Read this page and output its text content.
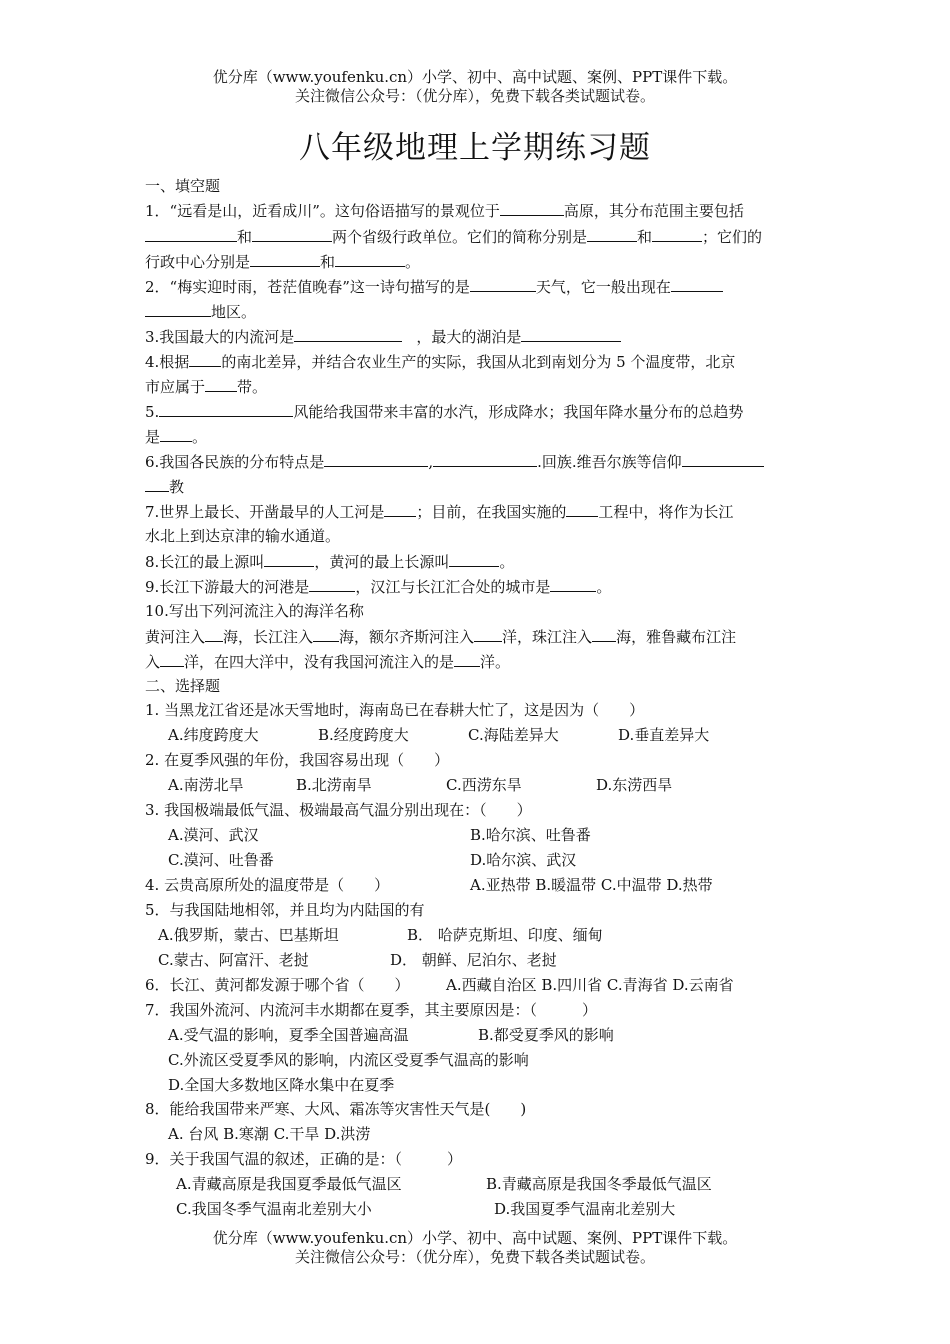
优分库（www.youfenku.cn）小学、初中、高中试题、案例、PPT课件下载。
关注微信公众号：（优分库），免费下载各类试题试卷。
八年级地理上学期练习题
一、填空题
1．“远看是山，近看成川”。这句俗语描写的景观位于	高原，其分布范围主要包括
和	两个省级行政单位。它们的简称分别是	和	；它们的
行政中心分别是	和	。
2．“梅实迎时雨，苍茫值晚春”这一诗句描写的是	天气，它一般出现在
地区。
3.我国最大的内流河是	，最大的湖泊是
4.根据 的南北差异，并结合农业生产的实际，我国从北到南划分为 5 个温度带，北京
市应属于 带。
5.	风能给我国带来丰富的水汽，形成降水；我国年降水量分布的总趋势
是 。
6.我国各民族的分布特点是	,	.回族.维吾尔族等信仰
教
7.世界上最长、开凿最早的人工河是 ；目前，在我国实施的 工程中，将作为长江
水北上到达京津的输水通道。
8.长江的最上源叫	，黄河的最上长源叫	。
9.长江下游最大的河港是	，汉江与长江汇合处的城市是	。
10.写出下列河流注入的海洋名称
黄河注入 海，长江注入 海，额尔齐斯河注入 洋，珠江注入 海，雅鲁藏布江注
入 洋，在四大洋中，没有我国河流注入的是 洋。
二、选择题
1. 当黑龙江省还是冰天雪地时，海南岛已在春耕大忙了，这是因为（　　）
A.纬度跨度大	B.经度跨度大	C.海陆差异大	D.垂直差异大
2. 在夏季风强的年份，我国容易出现（　　）
A.南涝北旱	B.北涝南旱	C.西涝东旱	D.东涝西旱
3. 我国极端最低气温、极端最高气温分别出现在：（　　）
A.漠河、武汉	B.哈尔滨、吐鲁番
C.漠河、吐鲁番	D.哈尔滨、武汉
4. 云贵高原所处的温度带是（　　）	A.亚热带 B.暖温带 C.中温带 D.热带
5．与我国陆地相邻，并且均为内陆国的有
A.俄罗斯，蒙古、巴基斯坦	B． 哈萨克斯坦、印度、缅甸
C.蒙古、阿富汗、老挝	D． 朝鲜、尼泊尔、老挝
6．长江、黄河都发源于哪个省（　　） A.西藏自治区 B.四川省 C.青海省 D.云南省
7．我国外流河、内流河丰水期都在夏季，其主要原因是：（　　　）
A.受气温的影响，夏季全国普遍高温	B.都受夏季风的影响
C.外流区受夏季风的影响，内流区受夏季气温高的影响
D.全国大多数地区降水集中在夏季
8．能给我国带来严寒、大风、霜冻等灾害性天气是(　　)
A. 台风 B.寒潮 C.干旱 D.洪涝
9．关于我国气温的叙述，正确的是：（　　　）
A.青藏高原是我国夏季最低气温区	B.青藏高原是我国冬季最低气温区
C.我国冬季气温南北差别大小	D.我国夏季气温南北差别大
优分库（www.youfenku.cn）小学、初中、高中试题、案例、PPT课件下载。
关注微信公众号：（优分库），免费下载各类试题试卷。
